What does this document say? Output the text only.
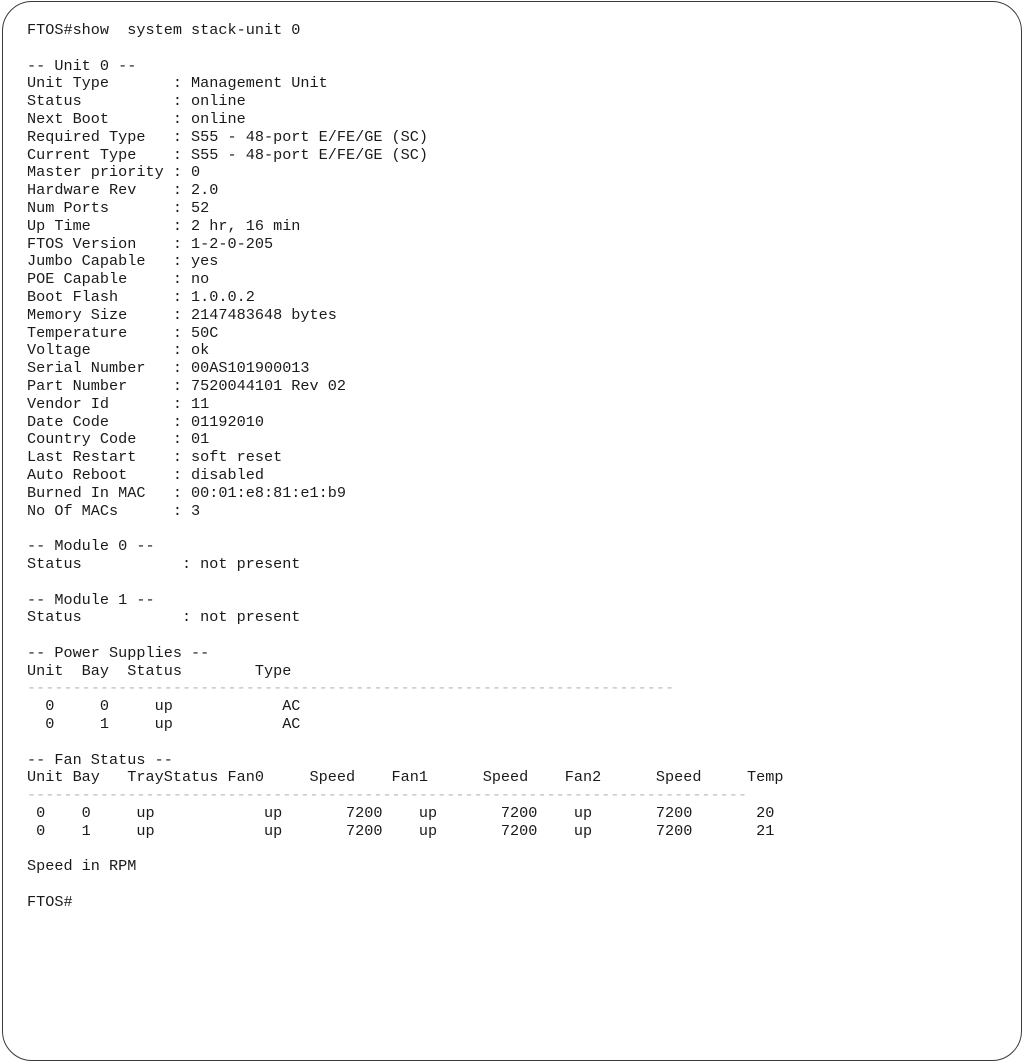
FTOS#show  system stack-unit 0
-- Unit 0 --
Unit Type       : Management Unit
Status          : online
Next Boot       : online
Required Type   : S55 - 48-port E/FE/GE (SC)
Current Type    : S55 - 48-port E/FE/GE (SC)
Master priority : 0
Hardware Rev    : 2.0
Num Ports       : 52
Up Time         : 2 hr, 16 min
FTOS Version    : 1-2-0-205
Jumbo Capable   : yes
POE Capable     : no
Boot Flash      : 1.0.0.2
Memory Size     : 2147483648 bytes
Temperature     : 50C
Voltage         : ok
Serial Number   : 00AS101900013
Part Number     : 7520044101 Rev 02
Vendor Id       : 11
Date Code       : 01192010
Country Code    : 01
Last Restart    : soft reset
Auto Reboot     : disabled
Burned In MAC   : 00:01:e8:81:e1:b9
No Of MACs      : 3
-- Module 0 --
Status           : not present
-- Module 1 --
Status           : not present
-- Power Supplies --
Unit  Bay  Status        Type
-----------------------------------------------------------------------
0     0     up            AC
0     1     up            AC
-- Fan Status --
Unit Bay   TrayStatus Fan0     Speed    Fan1      Speed    Fan2      Speed     Temp
-------------------------------------------------------------------------------
0    0     up            up       7200    up       7200    up       7200       20
0    1     up            up       7200    up       7200    up       7200       21
Speed in RPM
FTOS#
